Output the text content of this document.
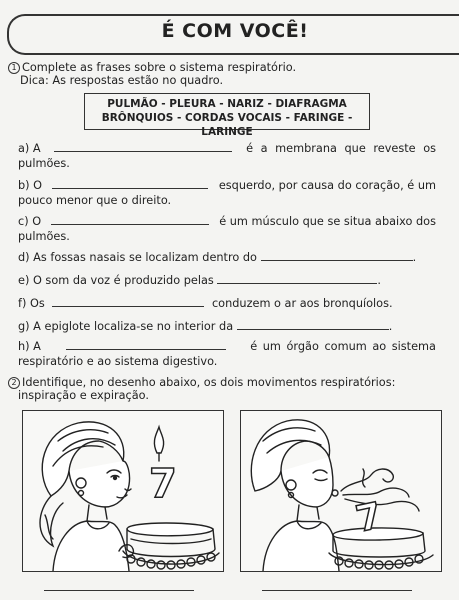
É COM VOCÊ!
1 Complete as frases sobre o sistema respiratório.
Dica: As respostas estão no quadro.
PULMÃO - PLEURA - NARIZ - DIAFRAGMA
BRÔNQUIOS - CORDAS VOCAIS - FARINGE - LARINGE
a) A	é a membrana que reveste os
pulmões.
b) O	esquerdo, por causa do coração, é um
pouco menor que o direito.
c) O	é um músculo que se situa abaixo dos
pulmões.
d) As fossas nasais se localizam dentro do	.
e) O som da voz é produzido pelas	.
f) Os	conduzem o ar aos bronquíolos.
g) A epiglote localiza-se no interior da	.
h) A	é um órgão comum ao sistema
respiratório e ao sistema digestivo.
2 Identifique, no desenho abaixo, os dois movimentos respiratórios:
inspiração e expiração.
7
7
